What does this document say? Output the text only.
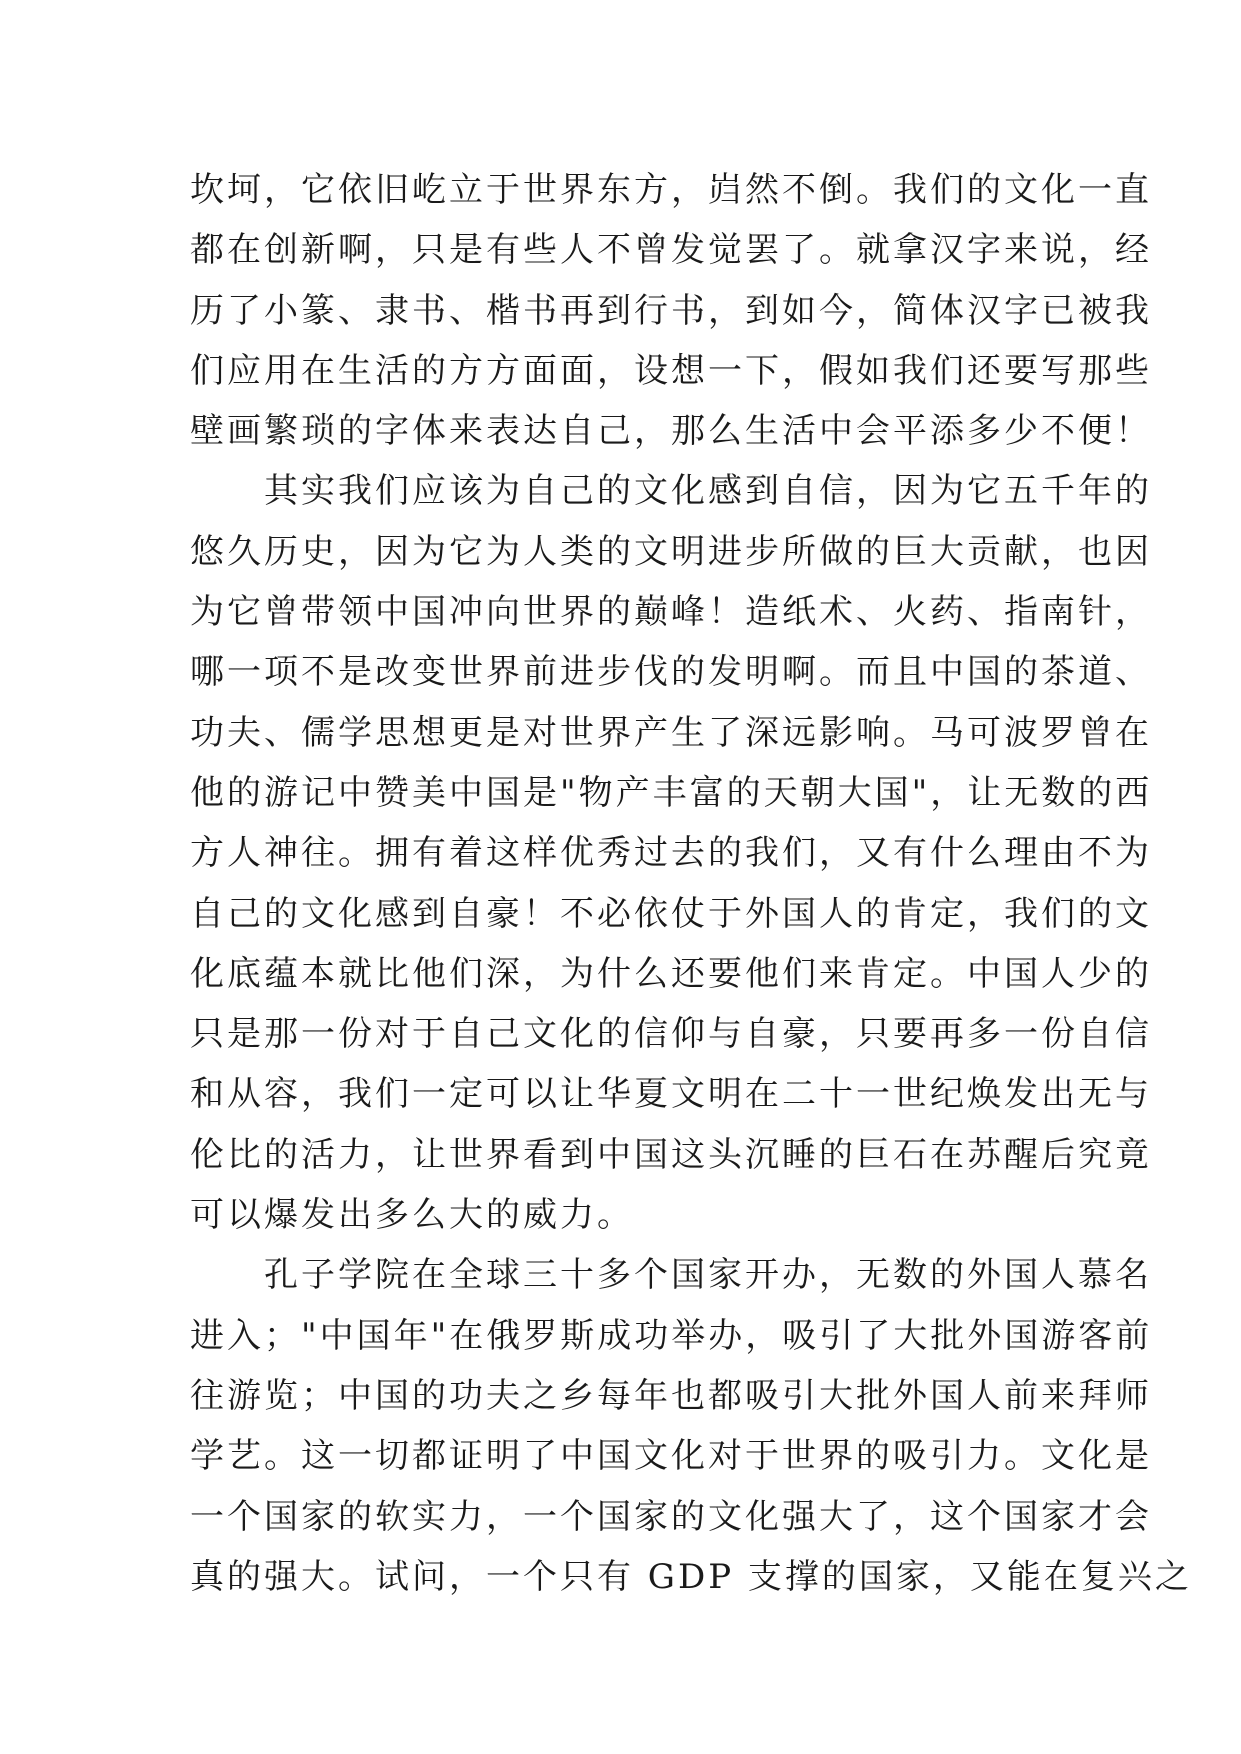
坎坷，它依旧屹立于世界东方，岿然不倒。我们的文化一直
都在创新啊，只是有些人不曾发觉罢了。就拿汉字来说，经
历了小篆、隶书、楷书再到行书，到如今，简体汉字已被我
们应用在生活的方方面面，设想一下，假如我们还要写那些
壁画繁琐的字体来表达自己，那么生活中会平添多少不便！
　　其实我们应该为自己的文化感到自信，因为它五千年的
悠久历史，因为它为人类的文明进步所做的巨大贡献，也因
为它曾带领中国冲向世界的巅峰！造纸术、火药、指南针，
哪一项不是改变世界前进步伐的发明啊。而且中国的茶道、
功夫、儒学思想更是对世界产生了深远影响。马可波罗曾在
他的游记中赞美中国是"物产丰富的天朝大国"，让无数的西
方人神往。拥有着这样优秀过去的我们，又有什么理由不为
自己的文化感到自豪！不必依仗于外国人的肯定，我们的文
化底蕴本就比他们深，为什么还要他们来肯定。中国人少的
只是那一份对于自己文化的信仰与自豪，只要再多一份自信
和从容，我们一定可以让华夏文明在二十一世纪焕发出无与
伦比的活力，让世界看到中国这头沉睡的巨石在苏醒后究竟
可以爆发出多么大的威力。
　　孔子学院在全球三十多个国家开办，无数的外国人慕名
进入；"中国年"在俄罗斯成功举办，吸引了大批外国游客前
往游览；中国的功夫之乡每年也都吸引大批外国人前来拜师
学艺。这一切都证明了中国文化对于世界的吸引力。文化是
一个国家的软实力，一个国家的文化强大了，这个国家才会
真的强大。试问，一个只有 GDP 支撑的国家，又能在复兴之
